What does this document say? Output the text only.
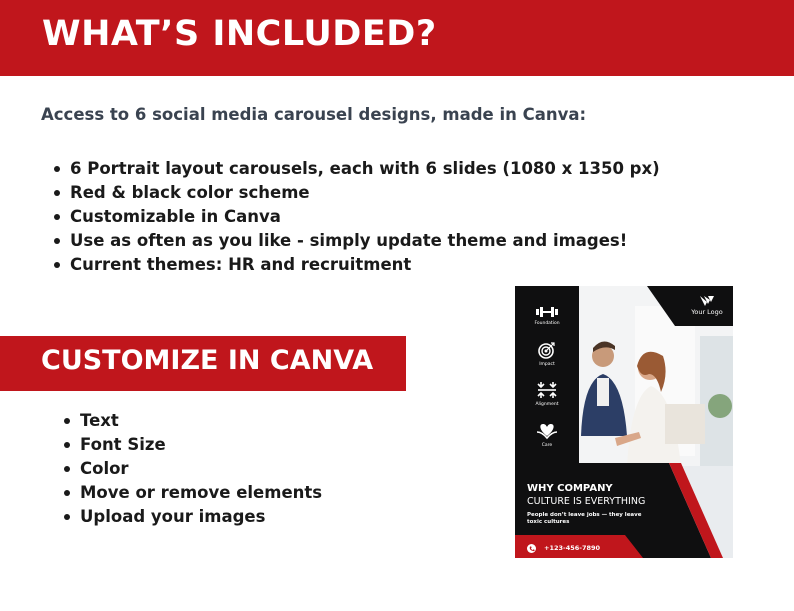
WHAT’S INCLUDED?

Access to 6 social media carousel designs, made in Canva:

6 Portrait layout carousels, each with 6 slides (1080 x 1350 px)
Red & black color scheme
Customizable in Canva
Use as often as you like - simply update theme and images!
Current themes: HR and recruitment
CUSTOMIZE IN CANVA
Text
Font Size
Color
Move or remove elements
Upload your images
Foundation
Impact
Alignment
Care
Your Logo
WHY COMPANY
CULTURE IS EVERYTHING
People don’t leave jobs — they leave toxic cultures
+123-456-7890
